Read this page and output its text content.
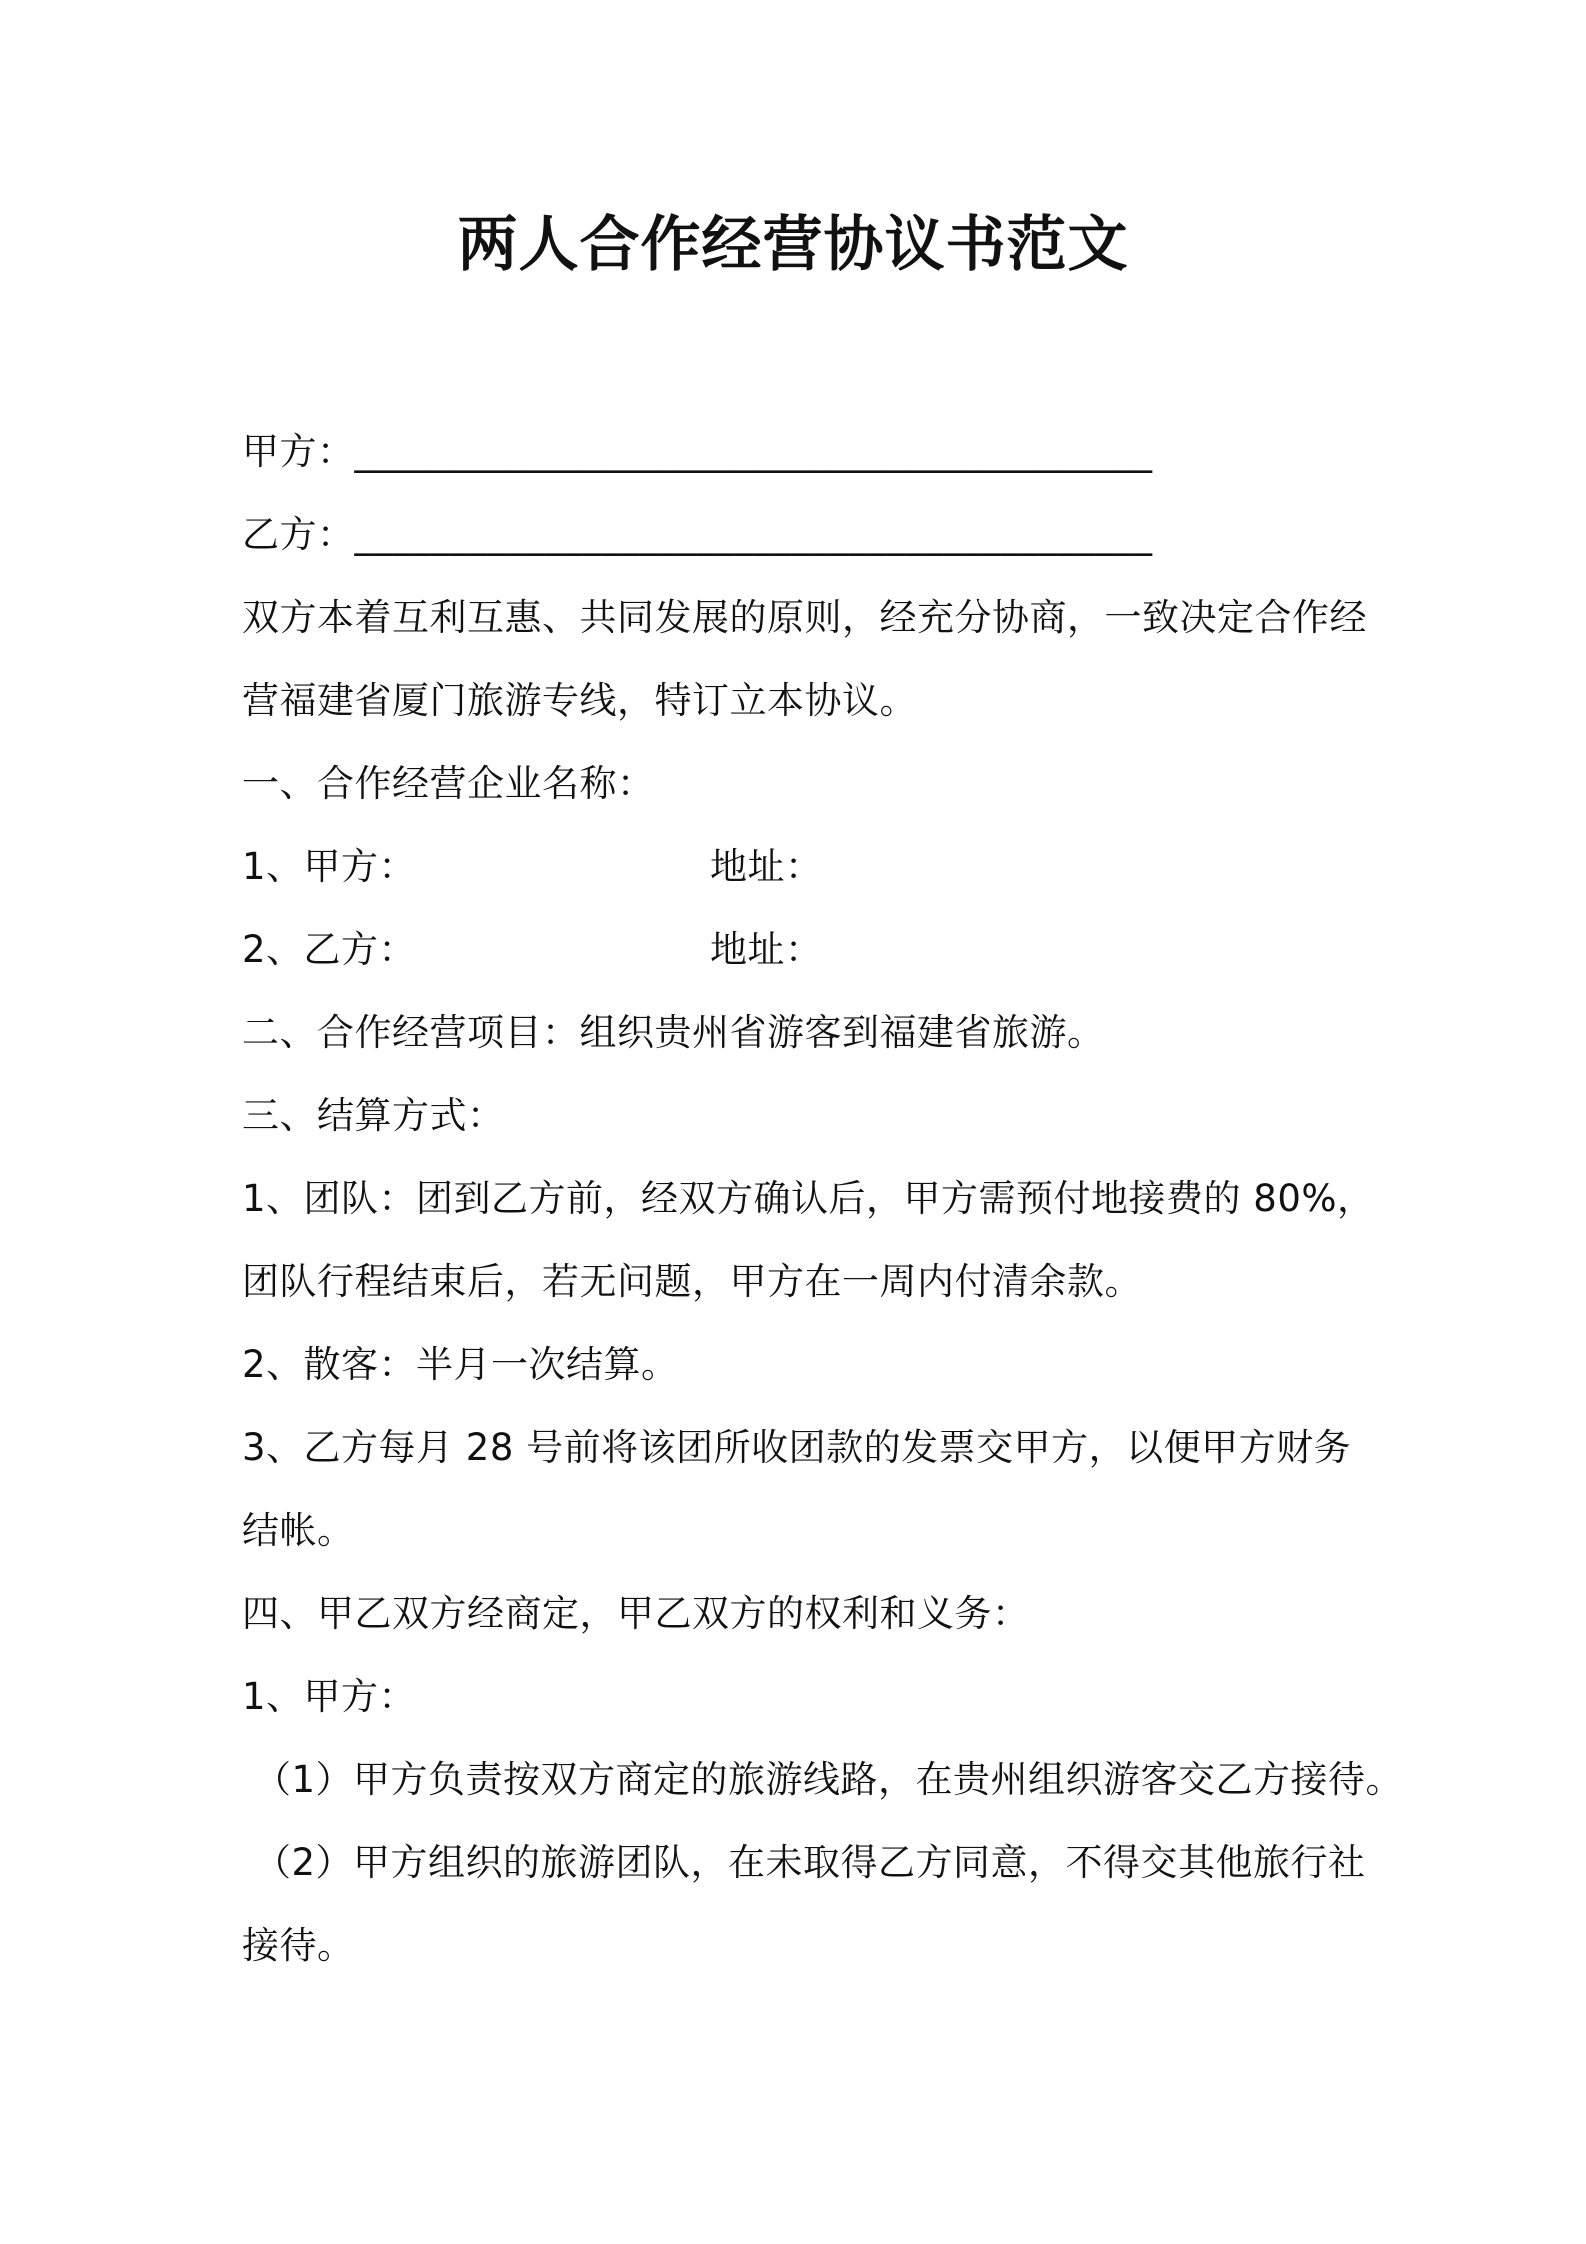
两人合作经营协议书范文
甲方：__________________________________________
乙方：__________________________________________
双方本着互利互惠、共同发展的原则，经充分协商，一致决定合作经
营福建省厦门旅游专线，特订立本协议。
一、合作经营企业名称：
1、甲方：	地址：
2、乙方：	地址：
二、合作经营项目：组织贵州省游客到福建省旅游。
三、结算方式：
1、团队：团到乙方前，经双方确认后，甲方需预付地接费的 80%，
团队行程结束后，若无问题，甲方在一周内付清余款。
2、散客：半月一次结算。
3、乙方每月 28 号前将该团所收团款的发票交甲方，以便甲方财务
结帐。
四、甲乙双方经商定，甲乙双方的权利和义务：
1、甲方：
（1）甲方负责按双方商定的旅游线路，在贵州组织游客交乙方接待。
（2）甲方组织的旅游团队，在未取得乙方同意，不得交其他旅行社
接待。
